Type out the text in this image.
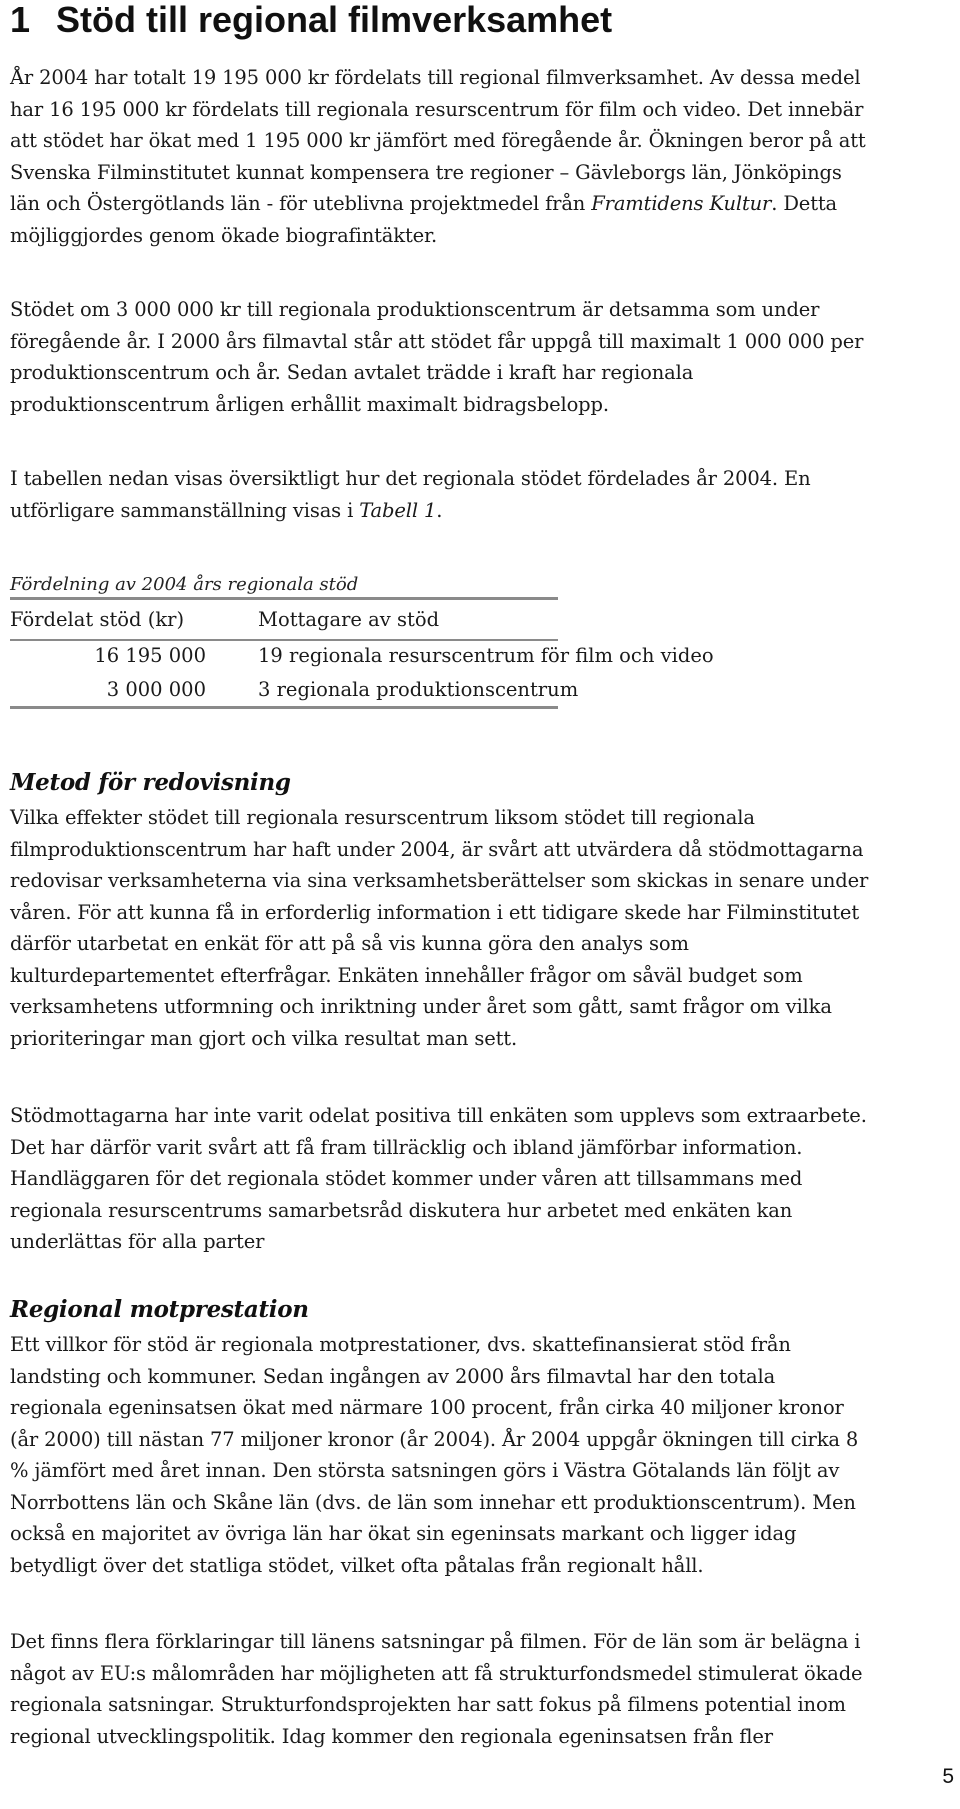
1 Stöd till regional filmverksamhet

År 2004 har totalt 19 195 000 kr fördelats till regional filmverksamhet. Av dessa medel
har 16 195 000 kr fördelats till regionala resurscentrum för film och video. Det innebär
att stödet har ökat med 1 195 000 kr jämfört med föregående år. Ökningen beror på att
Svenska Filminstitutet kunnat kompensera tre regioner – Gävleborgs län, Jönköpings
län och Östergötlands län - för uteblivna projektmedel från Framtidens Kultur. Detta
möjliggjordes genom ökade biografintäkter.

Stödet om 3 000 000 kr till regionala produktionscentrum är detsamma som under
föregående år. I 2000 års filmavtal står att stödet får uppgå till maximalt 1 000 000 per
produktionscentrum och år. Sedan avtalet trädde i kraft har regionala
produktionscentrum årligen erhållit maximalt bidragsbelopp.

I tabellen nedan visas översiktligt hur det regionala stödet fördelades år 2004. En
utförligare sammanställning visas i Tabell 1.

Fördelning av 2004 års regionala stöd
Fördelat stöd (kr)	Mottagare av stöd
16 195 000	19 regionala resurscentrum för film och video
3 000 000	3 regionala produktionscentrum
Metod för redovisning

Vilka effekter stödet till regionala resurscentrum liksom stödet till regionala
filmproduktionscentrum har haft under 2004, är svårt att utvärdera då stödmottagarna
redovisar verksamheterna via sina verksamhetsberättelser som skickas in senare under
våren. För att kunna få in erforderlig information i ett tidigare skede har Filminstitutet
därför utarbetat en enkät för att på så vis kunna göra den analys som
kulturdepartementet efterfrågar. Enkäten innehåller frågor om såväl budget som
verksamhetens utformning och inriktning under året som gått, samt frågor om vilka
prioriteringar man gjort och vilka resultat man sett.

Stödmottagarna har inte varit odelat positiva till enkäten som upplevs som extraarbete.
Det har därför varit svårt att få fram tillräcklig och ibland jämförbar information.
Handläggaren för det regionala stödet kommer under våren att tillsammans med
regionala resurscentrums samarbetsråd diskutera hur arbetet med enkäten kan
underlättas för alla parter

Regional motprestation

Ett villkor för stöd är regionala motprestationer, dvs. skattefinansierat stöd från
landsting och kommuner. Sedan ingången av 2000 års filmavtal har den totala
regionala egeninsatsen ökat med närmare 100 procent, från cirka 40 miljoner kronor
(år 2000) till nästan 77 miljoner kronor (år 2004). År 2004 uppgår ökningen till cirka 8
% jämfört med året innan. Den största satsningen görs i Västra Götalands län följt av
Norrbottens län och Skåne län (dvs. de län som innehar ett produktionscentrum). Men
också en majoritet av övriga län har ökat sin egeninsats markant och ligger idag
betydligt över det statliga stödet, vilket ofta påtalas från regionalt håll.

Det finns flera förklaringar till länens satsningar på filmen. För de län som är belägna i
något av EU:s målområden har möjligheten att få strukturfondsmedel stimulerat ökade
regionala satsningar. Strukturfondsprojekten har satt fokus på filmens potential inom
regional utvecklingspolitik. Idag kommer den regionala egeninsatsen från fler

5
